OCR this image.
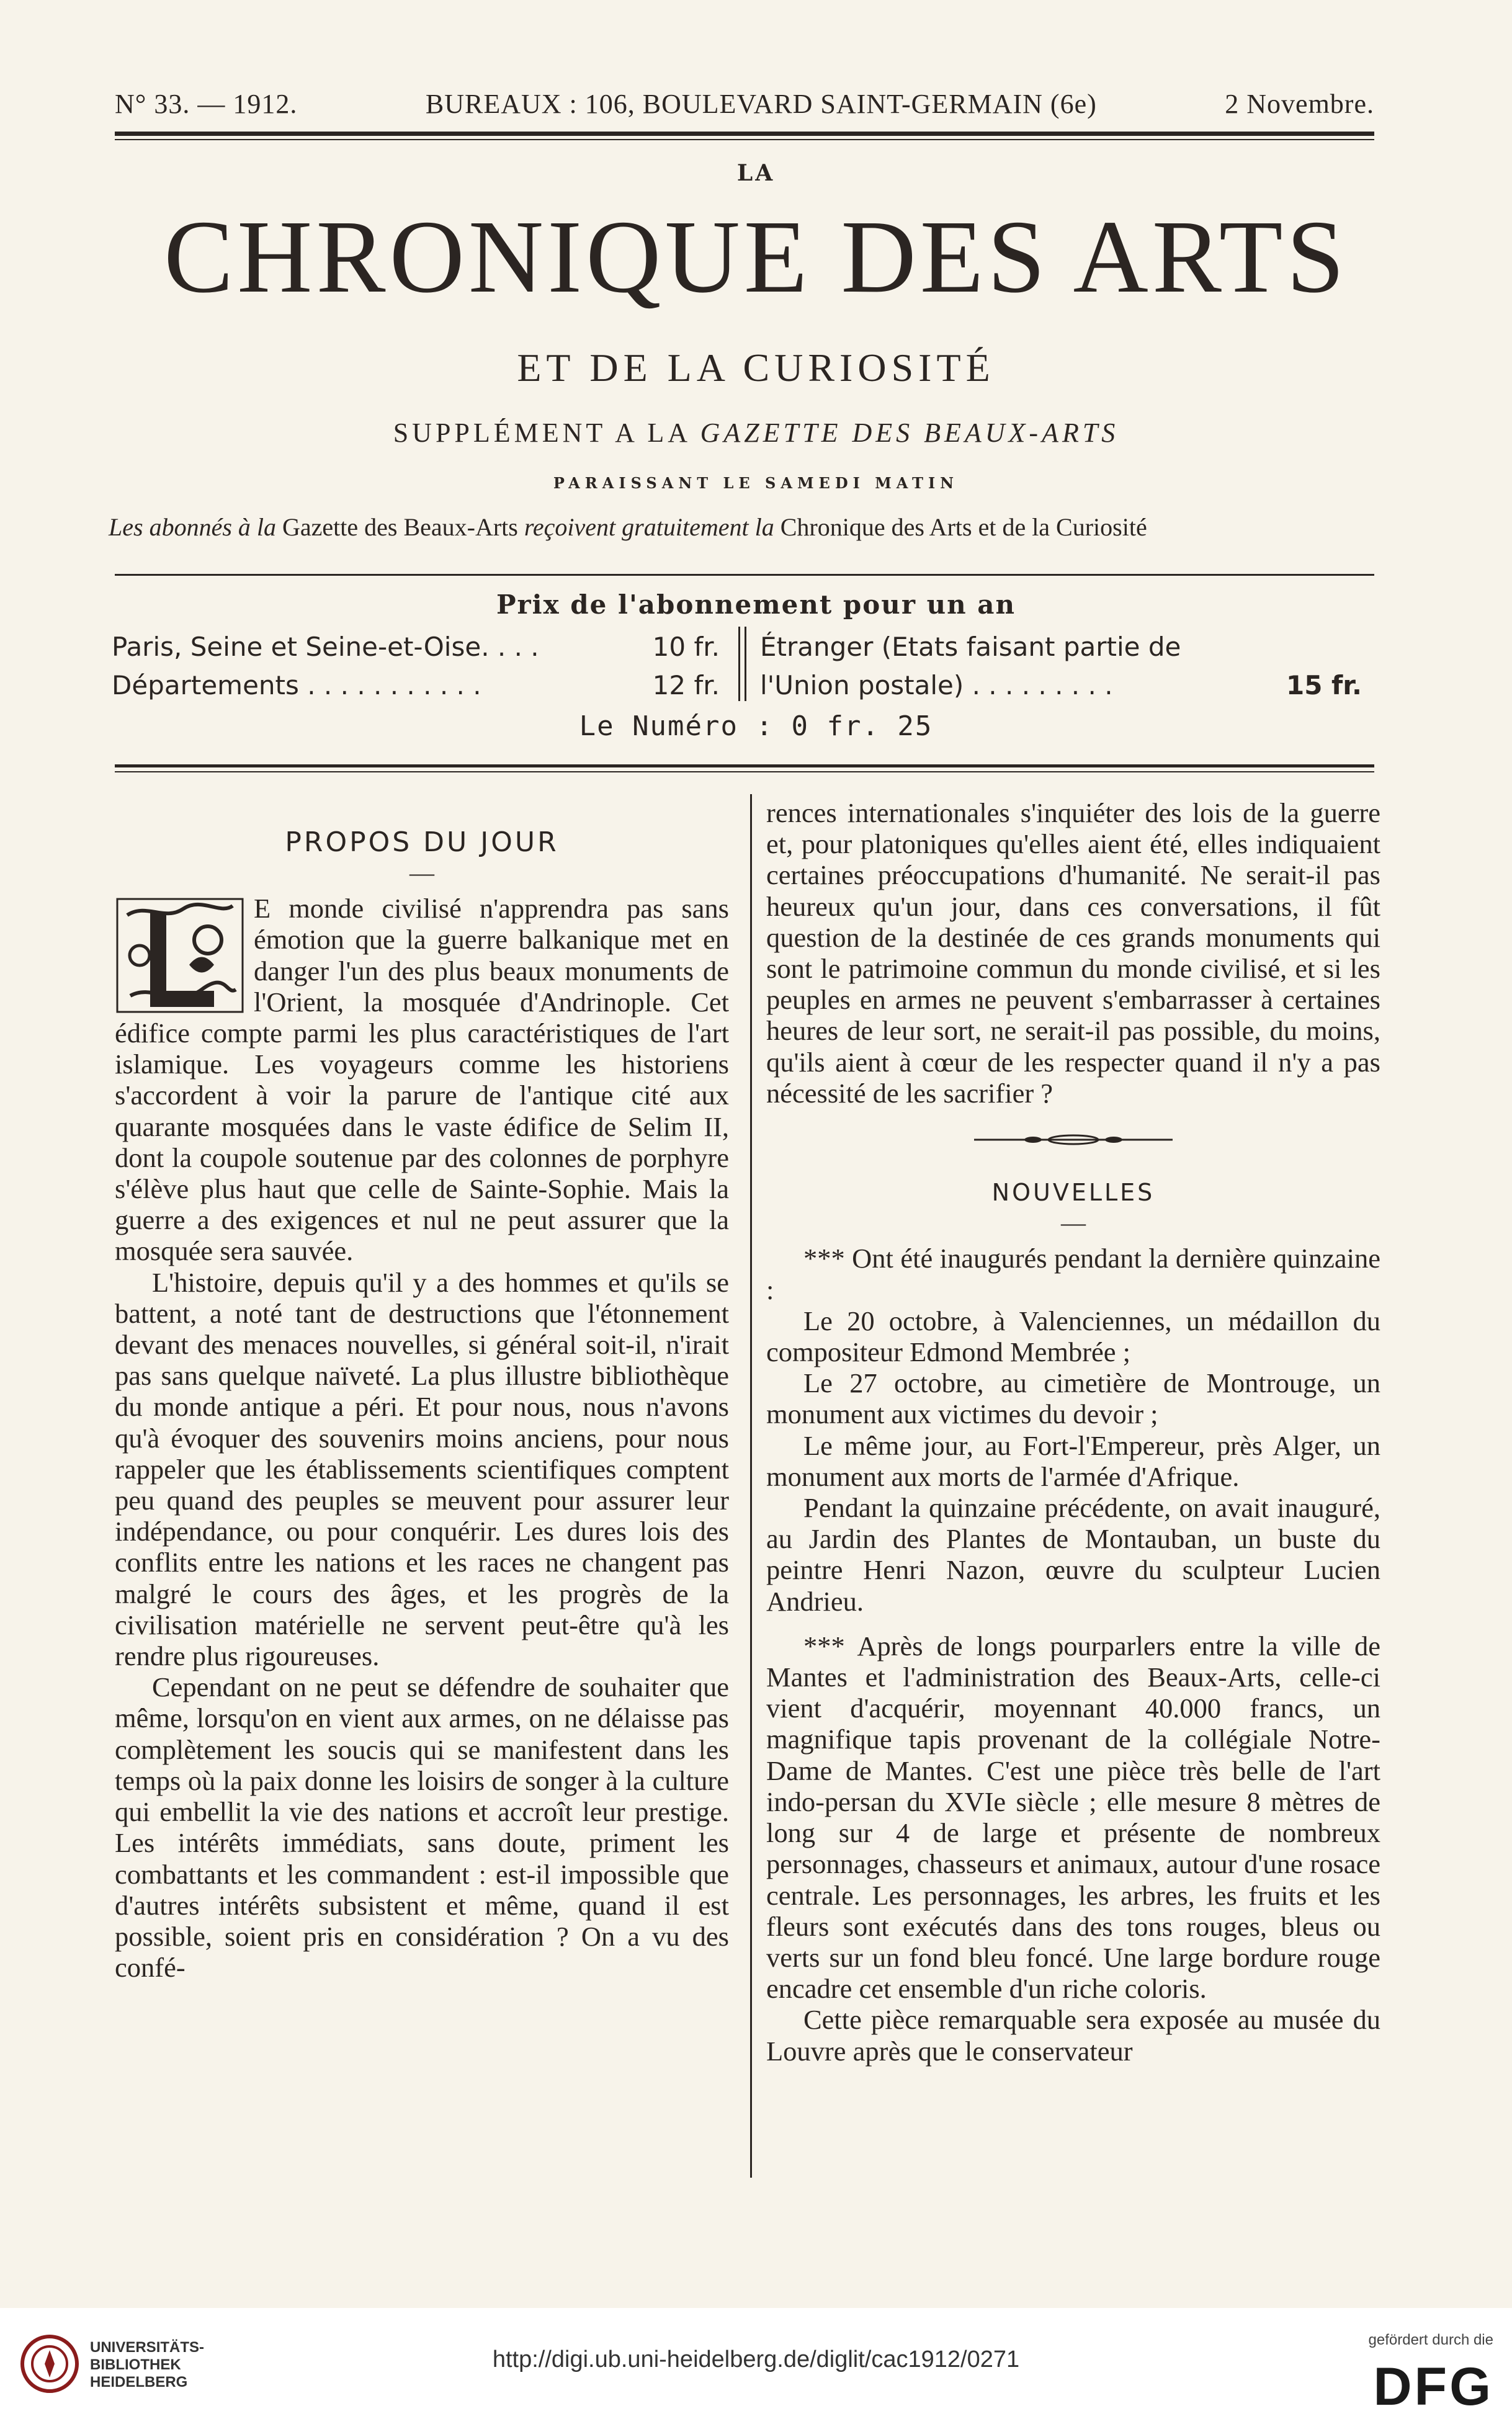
N° 33. — 1912.	BUREAUX : 106, BOULEVARD SAINT-GERMAIN (6e)	2 Novembre.
LA
CHRONIQUE DES ARTS
ET DE LA CURIOSITÉ
SUPPLÉMENT A LA GAZETTE DES BEAUX-ARTS
PARAISSANT LE SAMEDI MATIN
Les abonnés à la Gazette des Beaux-Arts reçoivent gratuitement la Chronique des Arts et de la Curiosité
Prix de l'abonnement pour un an
Paris, Seine et Seine-et-Oise. . . .	10 fr.
Départements . . . . . . . . . . .	12 fr.
Étranger (Etats faisant partie de
l'Union postale) . . . . . . . . .	15 fr.
Le Numéro : 0 fr. 25
PROPOS DU JOUR
—

E monde civilisé n'apprendra pas sans émotion que la guerre balkanique met en danger l'un des plus beaux monuments de l'Orient, la mosquée d'Andrinople. Cet édifice compte parmi les plus caractéristiques de l'art islamique. Les voyageurs comme les historiens s'accordent à voir la parure de l'antique cité aux quarante mosquées dans le vaste édifice de Selim II, dont la coupole soutenue par des colonnes de porphyre s'élève plus haut que celle de Sainte-Sophie. Mais la guerre a des exigences et nul ne peut assurer que la mosquée sera sauvée.

L'histoire, depuis qu'il y a des hommes et qu'ils se battent, a noté tant de destructions que l'étonnement devant des menaces nouvelles, si général soit-il, n'irait pas sans quelque naïveté. La plus illustre bibliothèque du monde antique a péri. Et pour nous, nous n'avons qu'à évoquer des souvenirs moins anciens, pour nous rappeler que les établissements scientifiques comptent peu quand des peuples se meuvent pour assurer leur indépendance, ou pour conquérir. Les dures lois des conflits entre les nations et les races ne changent pas malgré le cours des âges, et les progrès de la civilisation matérielle ne servent peut-être qu'à les rendre plus rigoureuses.

Cependant on ne peut se défendre de souhaiter que même, lorsqu'on en vient aux armes, on ne délaisse pas complètement les soucis qui se manifestent dans les temps où la paix donne les loisirs de songer à la culture qui embellit la vie des nations et accroît leur prestige. Les intérêts immédiats, sans doute, priment les combattants et les commandent : est-il impossible que d'autres intérêts subsistent et même, quand il est possible, soient pris en considération ? On a vu des confé-

rences internationales s'inquiéter des lois de la guerre et, pour platoniques qu'elles aient été, elles indiquaient certaines préoccupations d'humanité. Ne serait-il pas heureux qu'un jour, dans ces conversations, il fût question de la destinée de ces grands monuments qui sont le patrimoine commun du monde civilisé, et si les peuples en armes ne peuvent s'embarrasser à certaines heures de leur sort, ne serait-il pas possible, du moins, qu'ils aient à cœur de les respecter quand il n'y a pas nécessité de les sacrifier ?

NOUVELLES
—

*** Ont été inaugurés pendant la dernière quinzaine :

Le 20 octobre, à Valenciennes, un médaillon du compositeur Edmond Membrée ;

Le 27 octobre, au cimetière de Montrouge, un monument aux victimes du devoir ;

Le même jour, au Fort-l'Empereur, près Alger, un monument aux morts de l'armée d'Afrique.

Pendant la quinzaine précédente, on avait inauguré, au Jardin des Plantes de Montauban, un buste du peintre Henri Nazon, œuvre du sculpteur Lucien Andrieu.

*** Après de longs pourparlers entre la ville de Mantes et l'administration des Beaux-Arts, celle-ci vient d'acquérir, moyennant 40.000 francs, un magnifique tapis provenant de la collégiale Notre-Dame de Mantes. C'est une pièce très belle de l'art indo-persan du XVIe siècle ; elle mesure 8 mètres de long sur 4 de large et présente de nombreux personnages, chasseurs et animaux, autour d'une rosace centrale. Les personnages, les arbres, les fruits et les fleurs sont exécutés dans des tons rouges, bleus ou verts sur un fond bleu foncé. Une large bordure rouge encadre cet ensemble d'un riche coloris.

Cette pièce remarquable sera exposée au musée du Louvre après que le conservateur

UNIVERSITÄTS-
BIBLIOTHEK
HEIDELBERG
http://digi.ub.uni-heidelberg.de/diglit/cac1912/0271
gefördert durch die
DFG
